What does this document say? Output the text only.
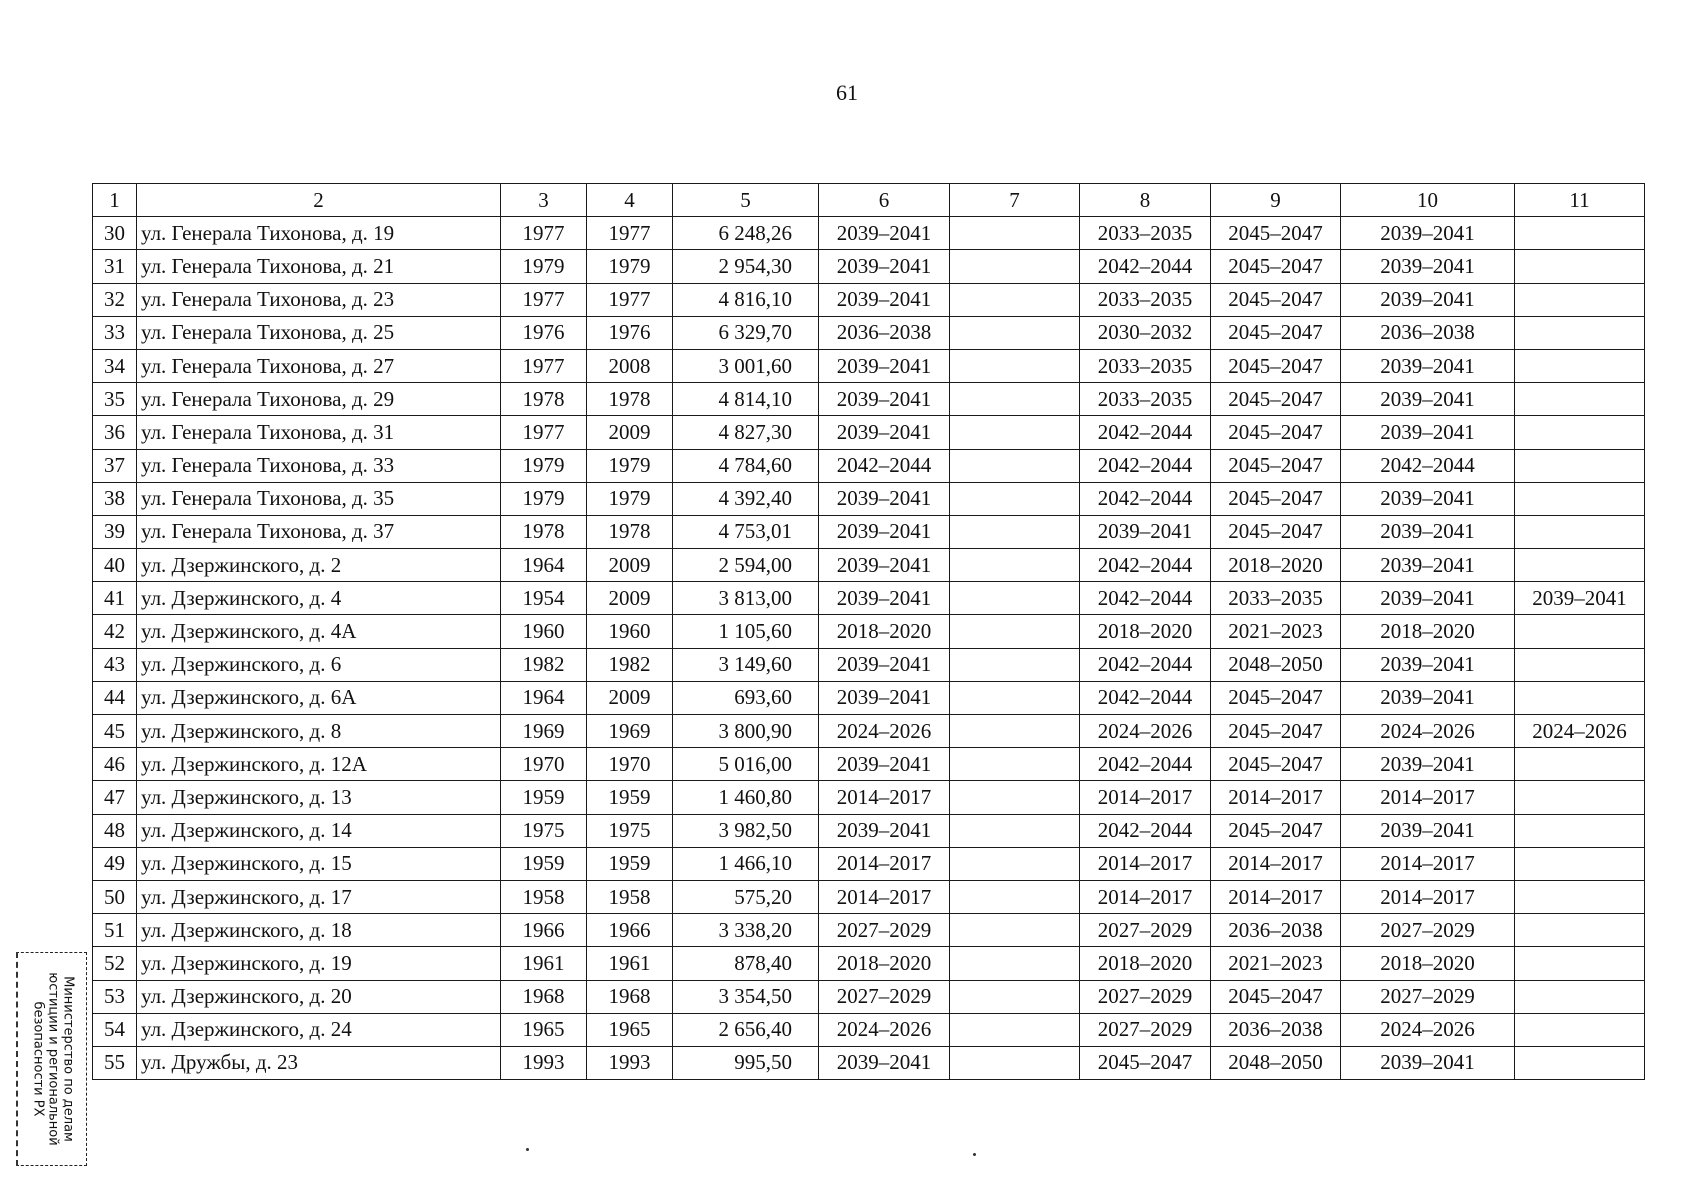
61
1	2	3	4	5	6	7	8	9	10	11
30	ул. Генерала Тихонова, д. 19	1977	1977	6 248,26	2039–2041		2033–2035	2045–2047	2039–2041	
31	ул. Генерала Тихонова, д. 21	1979	1979	2 954,30	2039–2041		2042–2044	2045–2047	2039–2041	
32	ул. Генерала Тихонова, д. 23	1977	1977	4 816,10	2039–2041		2033–2035	2045–2047	2039–2041	
33	ул. Генерала Тихонова, д. 25	1976	1976	6 329,70	2036–2038		2030–2032	2045–2047	2036–2038	
34	ул. Генерала Тихонова, д. 27	1977	2008	3 001,60	2039–2041		2033–2035	2045–2047	2039–2041	
35	ул. Генерала Тихонова, д. 29	1978	1978	4 814,10	2039–2041		2033–2035	2045–2047	2039–2041	
36	ул. Генерала Тихонова, д. 31	1977	2009	4 827,30	2039–2041		2042–2044	2045–2047	2039–2041	
37	ул. Генерала Тихонова, д. 33	1979	1979	4 784,60	2042–2044		2042–2044	2045–2047	2042–2044	
38	ул. Генерала Тихонова, д. 35	1979	1979	4 392,40	2039–2041		2042–2044	2045–2047	2039–2041	
39	ул. Генерала Тихонова, д. 37	1978	1978	4 753,01	2039–2041		2039–2041	2045–2047	2039–2041	
40	ул. Дзержинского, д. 2	1964	2009	2 594,00	2039–2041		2042–2044	2018–2020	2039–2041	
41	ул. Дзержинского, д. 4	1954	2009	3 813,00	2039–2041		2042–2044	2033–2035	2039–2041	2039–2041
42	ул. Дзержинского, д. 4А	1960	1960	1 105,60	2018–2020		2018–2020	2021–2023	2018–2020	
43	ул. Дзержинского, д. 6	1982	1982	3 149,60	2039–2041		2042–2044	2048–2050	2039–2041	
44	ул. Дзержинского, д. 6А	1964	2009	693,60	2039–2041		2042–2044	2045–2047	2039–2041	
45	ул. Дзержинского, д. 8	1969	1969	3 800,90	2024–2026		2024–2026	2045–2047	2024–2026	2024–2026
46	ул. Дзержинского, д. 12А	1970	1970	5 016,00	2039–2041		2042–2044	2045–2047	2039–2041	
47	ул. Дзержинского, д. 13	1959	1959	1 460,80	2014–2017		2014–2017	2014–2017	2014–2017	
48	ул. Дзержинского, д. 14	1975	1975	3 982,50	2039–2041		2042–2044	2045–2047	2039–2041	
49	ул. Дзержинского, д. 15	1959	1959	1 466,10	2014–2017		2014–2017	2014–2017	2014–2017	
50	ул. Дзержинского, д. 17	1958	1958	575,20	2014–2017		2014–2017	2014–2017	2014–2017	
51	ул. Дзержинского, д. 18	1966	1966	3 338,20	2027–2029		2027–2029	2036–2038	2027–2029	
52	ул. Дзержинского, д. 19	1961	1961	878,40	2018–2020		2018–2020	2021–2023	2018–2020	
53	ул. Дзержинского, д. 20	1968	1968	3 354,50	2027–2029		2027–2029	2045–2047	2027–2029	
54	ул. Дзержинского, д. 24	1965	1965	2 656,40	2024–2026		2027–2029	2036–2038	2024–2026	
55	ул. Дружбы, д. 23	1993	1993	995,50	2039–2041		2045–2047	2048–2050	2039–2041	
Министерство по делам
юстиции и региональной
безопасности РХ
